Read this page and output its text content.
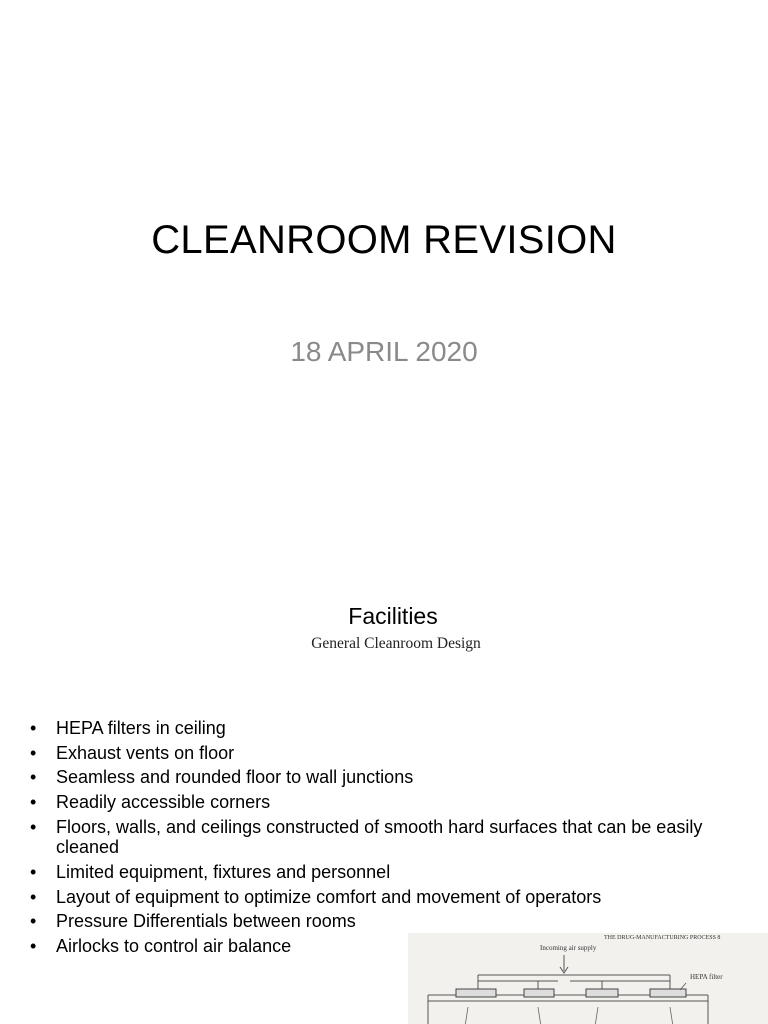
CLEANROOM REVISION
18 APRIL 2020
Facilities
General Cleanroom Design
• HEPA filters in ceiling
• Exhaust vents on floor
• Seamless and rounded floor to wall junctions
• Readily accessible corners
• Floors, walls, and ceilings constructed of smooth hard surfaces that can be easily cleaned
• Limited equipment, fixtures and personnel
• Layout of equipment to optimize comfort and movement of operators
• Pressure Differentials between rooms
• Airlocks to control air balance	THE DRUG-MANUFACTURING PROCESS 8
Incoming air supply
HEPA filter
